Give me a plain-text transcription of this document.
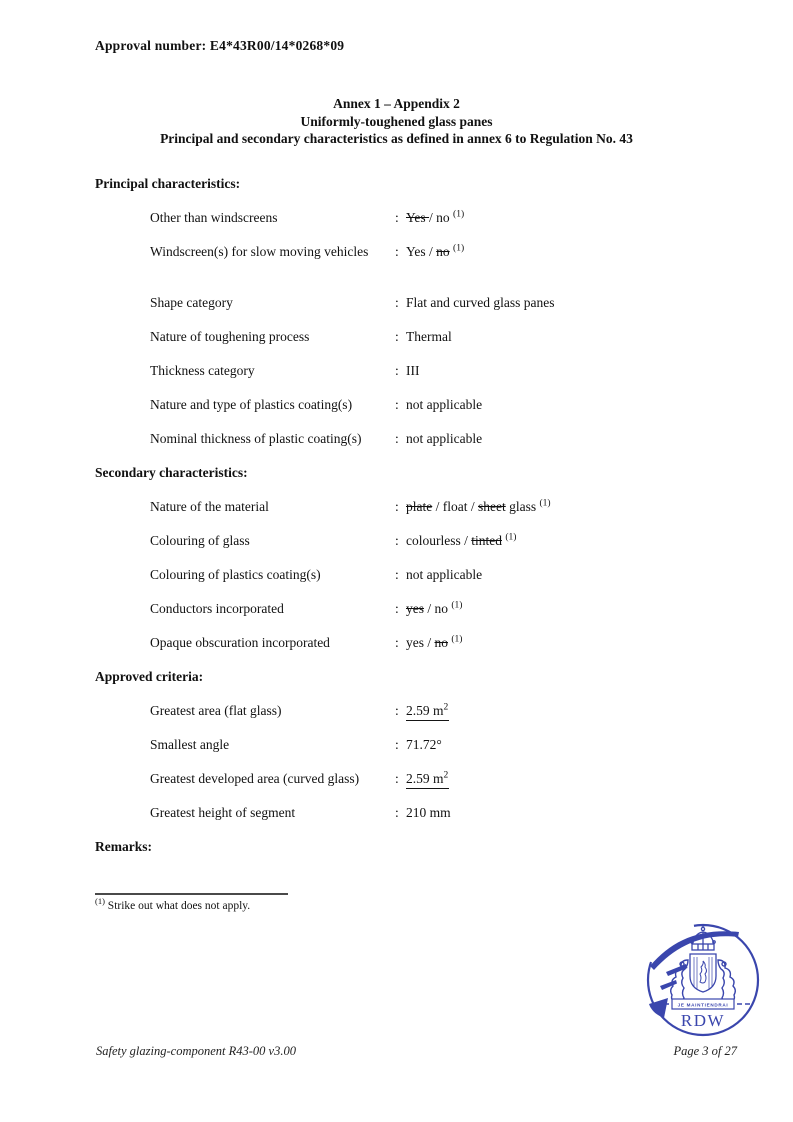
Approval number: E4*43R00/14*0268*09
Annex 1 – Appendix 2
Uniformly-toughened glass panes
Principal and secondary characteristics as defined in annex 6 to Regulation No. 43
Principal characteristics:
Other than windscreens	: Yes / no $^{(1)}$
Windscreen(s) for slow moving vehicles	: Yes / no $^{(1)}$
Shape category	: Flat and curved glass panes
Nature of toughening process	: Thermal
Thickness category	: III
Nature and type of plastics coating(s)	: not applicable
Nominal thickness of plastic coating(s)	: not applicable
Secondary characteristics:
Nature of the material	: plate / float / sheet glass $^{(1)}$
Colouring of glass	: colourless / tinted $^{(1)}$
Colouring of plastics coating(s)	: not applicable
Conductors incorporated	: yes / no $^{(1)}$
Opaque obscuration incorporated	: yes / no $^{(1)}$
Approved criteria:
Greatest area (flat glass)	: 2.59 $m^2$
Smallest angle	: 71.72°
Greatest developed area (curved glass)	: 2.59 $m^2$
Greatest height of segment	: 210 mm
Remarks:
$^{(1)}$ Strike out what does not apply.
JE MAINTIENDRAI
RDW
Safety glazing-component R43-00 v3.00	Page 3 of 27
